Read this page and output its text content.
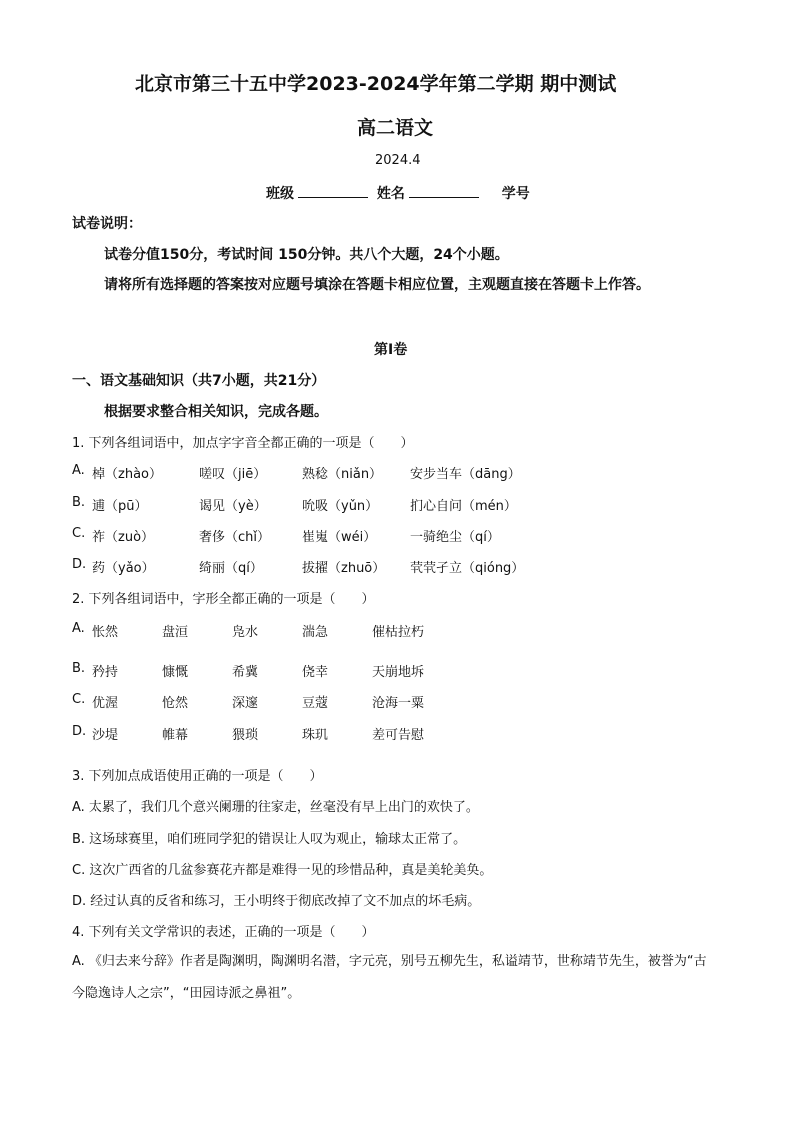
北京市第三十五中学2023-2024学年第二学期 期中测试
高二语文
2024.4
班级	姓名	学号
试卷说明：
试卷分值150分，考试时间 150分钟。共八个大题，24个小题。
请将所有选择题的答案按对应题号填涂在答题卡相应位置，主观题直接在答题卡上作答。
第I卷
一、语文基础知识（共7小题，共21分）
根据要求整合相关知识，完成各题。
1. 下列各组词语中，加点字字音全都正确的一项是（　　）
A. 棹（zhào）	嗟叹（jiē）	熟稔（niǎn） 安步当车（dāng）
B. 逋（pū）	谒见（yè）	吮吸（yǔn） 扪心自问（mén）
C. 祚（zuò）	奢侈（chǐ） 崔嵬（wéi）	一骑绝尘（qí）
D. 药（yǎo）	绮丽（qí）	拔擢（zhuō） 茕茕孑立（qióng）
2. 下列各组词语中，字形全都正确的一项是（　　）
A. 怅然	盘洹	凫水	湍急	催枯拉朽
B. 矜持	慷慨	希冀	侥幸	天崩地坼
C. 优渥	怆然	深邃	豆蔻	沧海一粟
D. 沙堤	帷幕	猥琐	珠玑	差可告慰
3. 下列加点成语使用正确的一项是（　　）
A. 太累了，我们几个意兴阑珊的往家走，丝毫没有早上出门的欢快了。
B. 这场球赛里，咱们班同学犯的错误让人叹为观止，输球太正常了。
C. 这次广西省的几盆参赛花卉都是难得一见的珍惜品种，真是美轮美奂。
D. 经过认真的反省和练习，王小明终于彻底改掉了文不加点的坏毛病。
4. 下列有关文学常识的表述，正确的一项是（　　）
A. 《归去来兮辞》作者是陶渊明，陶渊明名潜，字元亮，别号五柳先生，私谥靖节，世称靖节先生，被誉为“古今隐逸诗人之宗”，“田园诗派之鼻祖”。
